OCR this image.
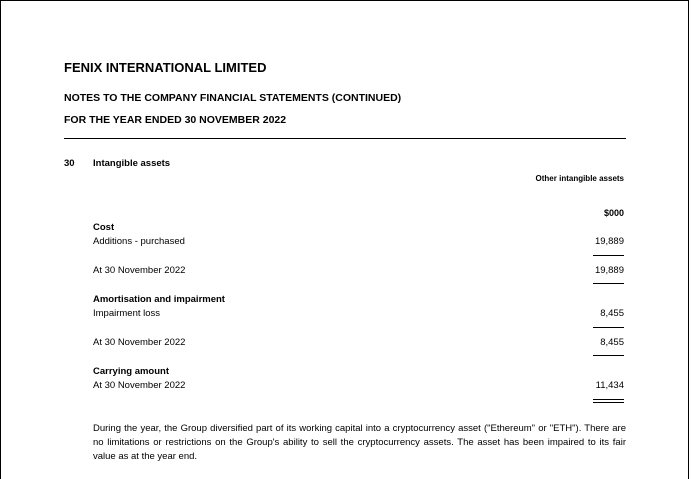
FENIX INTERNATIONAL LIMITED
NOTES TO THE COMPANY FINANCIAL STATEMENTS (CONTINUED)
FOR THE YEAR ENDED 30 NOVEMBER 2022
30 Intangible assets
Other intangible assets
$000
Cost
Additions - purchased	19,889
At 30 November 2022	19,889
Amortisation and impairment
Impairment loss	8,455
At 30 November 2022	8,455
Carrying amount
At 30 November 2022	11,434
During the year, the Group diversified part of its working capital into a cryptocurrency asset ("Ethereum" or "ETH"). There are no limitations or restrictions on the Group's ability to sell the cryptocurrency assets. The asset has been impaired to its fair value as at the year end.
